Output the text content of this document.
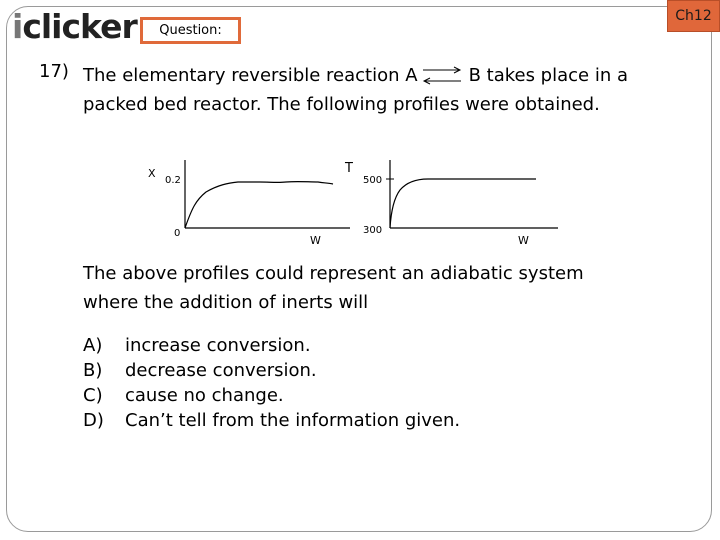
iclicker	Question:
Ch12
17) The elementary reversible reaction A ⇌ B takes place in a
packed bed reactor. The following profiles were obtained.
X
0.2
0
W
T
500
300
W
The above profiles could represent an adiabatic system
where the addition of inerts will
A)	increase conversion.
B)	decrease conversion.
C)	cause no change.
D)	Can’t tell from the information given.
